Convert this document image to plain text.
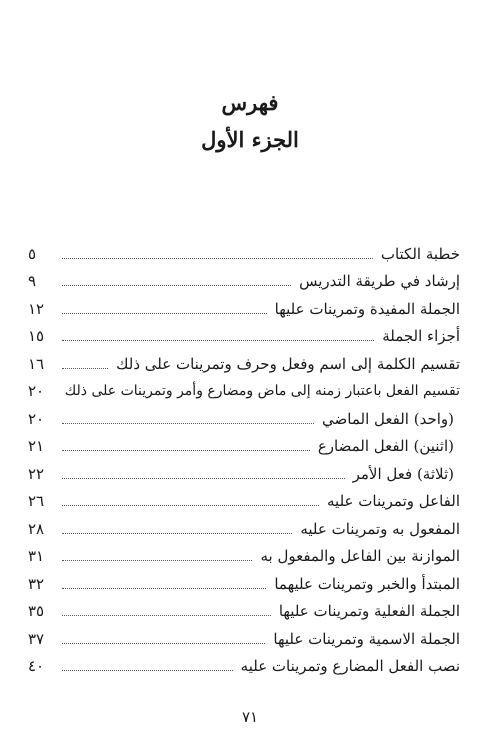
فهرس
الجزء الأول
خطبة الكتاب
٥
إرشاد في طريقة التدريس
٩
الجملة المفيدة وتمرينات عليها
١٢
أجزاء الجملة
١٥
تقسيم الكلمة إلى اسم وفعل وحرف وتمرينات على ذلك
١٦
تقسيم الفعل باعتبار زمنه إلى ماض ومضارع وأمر وتمرينات على ذلك
٢٠
(واحد) الفعل الماضي
٢٠
(اثنين) الفعل المضارع
٢١
(ثلاثة) فعل الأمر
٢٢
الفاعل وتمرينات عليه
٢٦
المفعول به وتمرينات عليه
٢٨
الموازنة بين الفاعل والمفعول به
٣١
المبتدأ والخبر وتمرينات عليهما
٣٢
الجملة الفعلية وتمرينات عليها
٣٥
الجملة الاسمية وتمرينات عليها
٣٧
نصب الفعل المضارع وتمرينات عليه
٤٠
٧١
